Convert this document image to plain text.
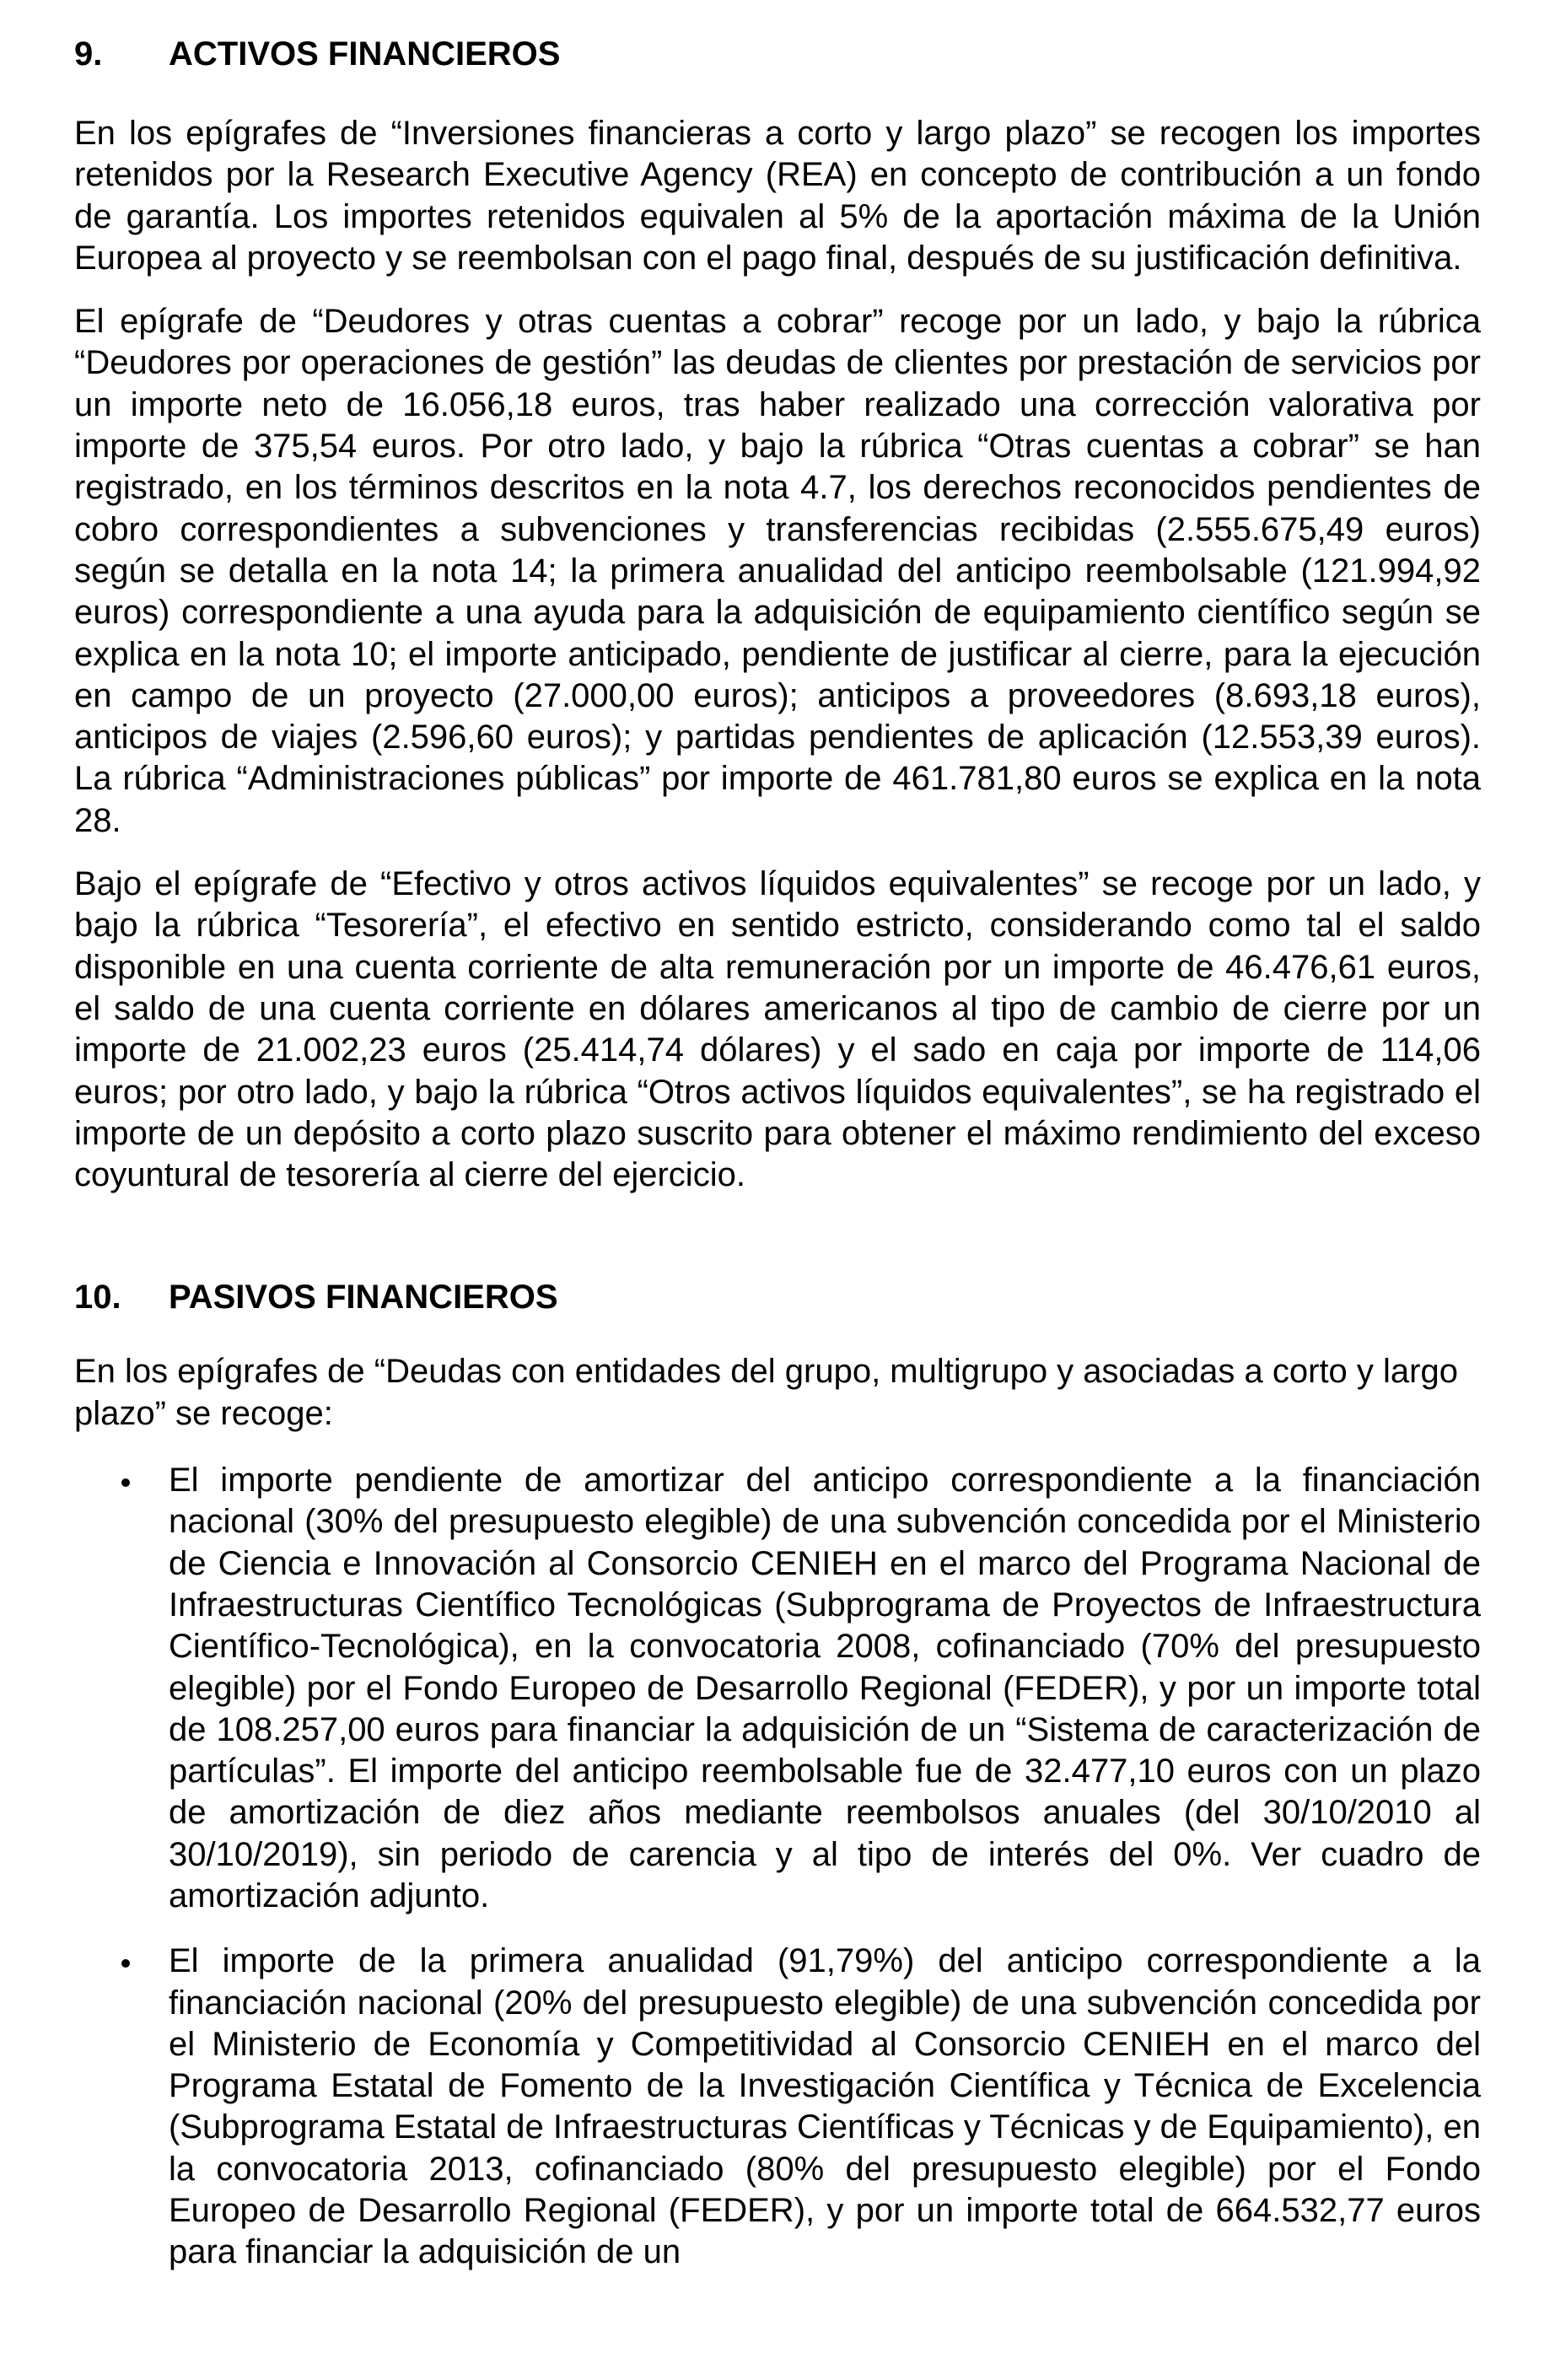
9.	ACTIVOS FINANCIEROS

En los epígrafes de “Inversiones financieras a corto y largo plazo” se recogen los importes retenidos por la Research Executive Agency (REA) en concepto de contribución a un fondo de garantía. Los importes retenidos equivalen al 5% de la aportación máxima de la Unión Europea al proyecto y se reembolsan con el pago final, después de su justificación definitiva.

El epígrafe de “Deudores y otras cuentas a cobrar” recoge por un lado, y bajo la rúbrica “Deudores por operaciones de gestión” las deudas de clientes por prestación de servicios por un importe neto de 16.056,18 euros, tras haber realizado una corrección valorativa por importe de 375,54 euros. Por otro lado, y bajo la rúbrica “Otras cuentas a cobrar” se han registrado, en los términos descritos en la nota 4.7, los derechos reconocidos pendientes de cobro correspondientes a subvenciones y transferencias recibidas (2.555.675,49 euros) según se detalla en la nota 14; la primera anualidad del anticipo reembolsable (121.994,92 euros) correspondiente a una ayuda para la adquisición de equipamiento científico según se explica en la nota 10; el importe anticipado, pendiente de justificar al cierre, para la ejecución en campo de un proyecto (27.000,00 euros); anticipos a proveedores (8.693,18 euros), anticipos de viajes (2.596,60 euros); y partidas pendientes de aplicación (12.553,39 euros). La rúbrica “Administraciones públicas” por importe de 461.781,80 euros se explica en la nota 28.

Bajo el epígrafe de “Efectivo y otros activos líquidos equivalentes” se recoge por un lado, y bajo la rúbrica “Tesorería”, el efectivo en sentido estricto, considerando como tal el saldo disponible en una cuenta corriente de alta remuneración por un importe de 46.476,61 euros, el saldo de una cuenta corriente en dólares americanos al tipo de cambio de cierre por un importe de 21.002,23 euros (25.414,74 dólares) y el sado en caja por importe de 114,06 euros; por otro lado, y bajo la rúbrica “Otros activos líquidos equivalentes”, se ha registrado el importe de un depósito a corto plazo suscrito para obtener el máximo rendimiento del exceso coyuntural de tesorería al cierre del ejercicio.

10.	PASIVOS FINANCIEROS

En los epígrafes de “Deudas con entidades del grupo, multigrupo y asociadas a corto y largo plazo” se recoge:

El importe pendiente de amortizar del anticipo correspondiente a la financiación nacional (30% del presupuesto elegible) de una subvención concedida por el Ministerio de Ciencia e Innovación al Consorcio CENIEH en el marco del Programa Nacional de Infraestructuras Científico Tecnológicas (Subprograma de Proyectos de Infraestructura Científico-Tecnológica), en la convocatoria 2008, cofinanciado (70% del presupuesto elegible) por el Fondo Europeo de Desarrollo Regional (FEDER), y por un importe total de 108.257,00 euros para financiar la adquisición de un “Sistema de caracterización de partículas”. El importe del anticipo reembolsable fue de 32.477,10 euros con un plazo de amortización de diez años mediante reembolsos anuales (del 30/10/2010 al 30/10/2019), sin periodo de carencia y al tipo de interés del 0%. Ver cuadro de amortización adjunto.

El importe de la primera anualidad (91,79%) del anticipo correspondiente a la financiación nacional (20% del presupuesto elegible) de una subvención concedida por el Ministerio de Economía y Competitividad al Consorcio CENIEH en el marco del Programa Estatal de Fomento de la Investigación Científica y Técnica de Excelencia (Subprograma Estatal de Infraestructuras Científicas y Técnicas y de Equipamiento), en la convocatoria 2013, cofinanciado (80% del presupuesto elegible) por el Fondo Europeo de Desarrollo Regional (FEDER), y por un importe total de 664.532,77 euros para financiar la adquisición de un
